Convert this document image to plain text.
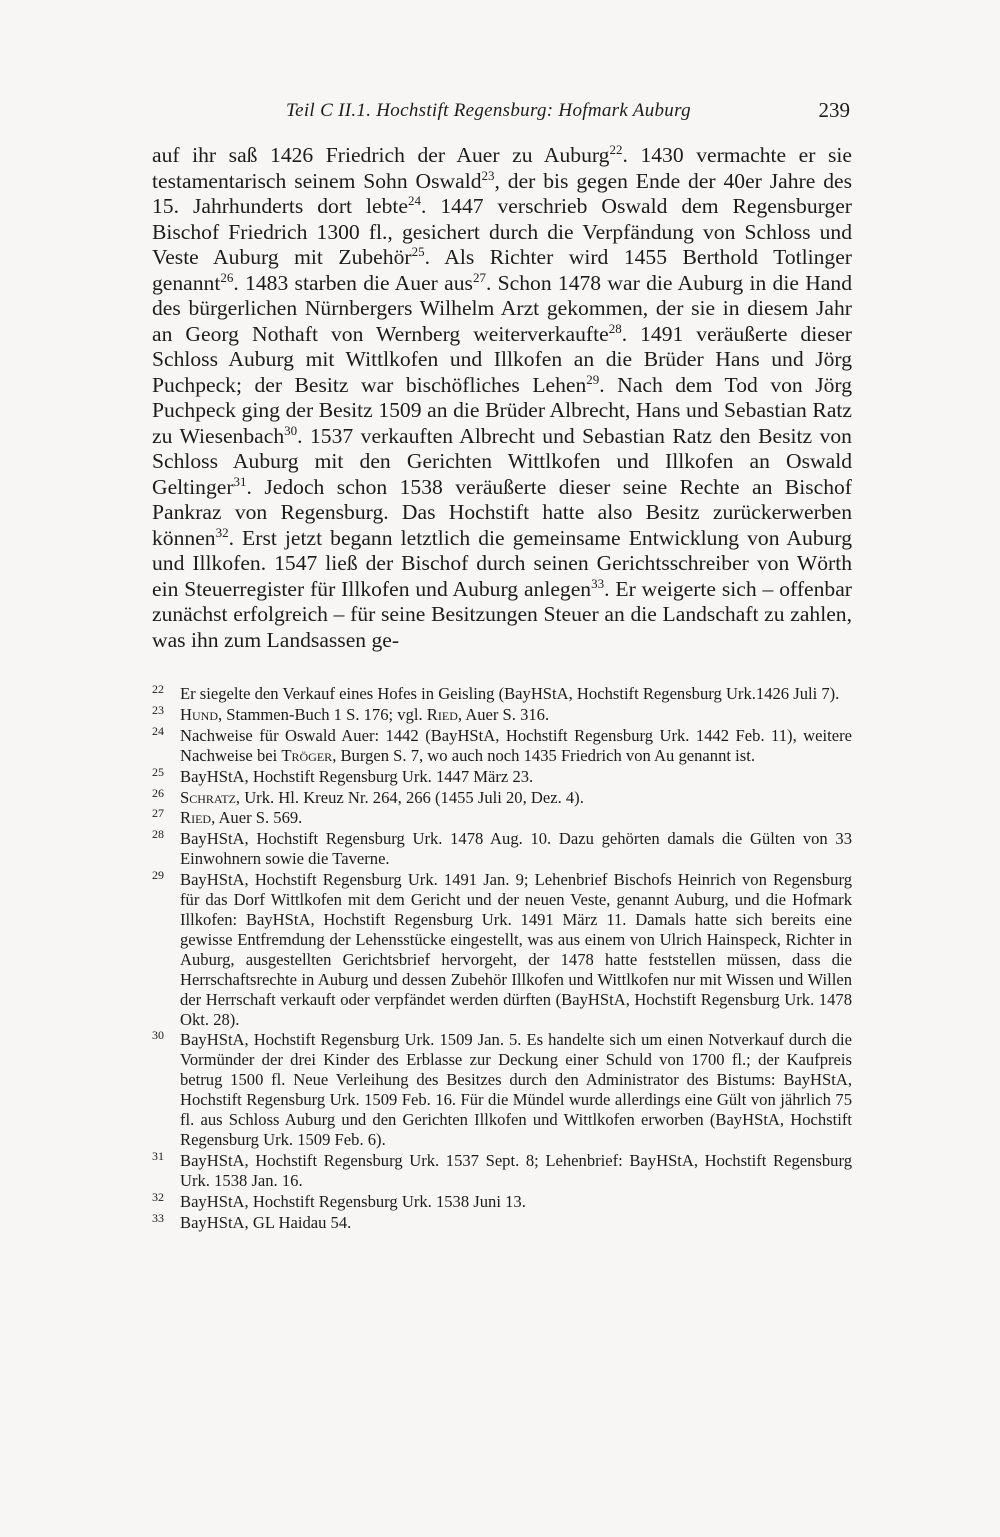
Teil C II.1. Hochstift Regensburg: Hofmark Auburg	239

auf ihr saß 1426 Friedrich der Auer zu Auburg$^{22}$. 1430 vermachte er sie testamentarisch seinem Sohn Oswald$^{23}$, der bis gegen Ende der 40er Jahre des 15. Jahrhunderts dort lebte$^{24}$. 1447 verschrieb Oswald dem Regensburger Bischof Friedrich 1300 fl., gesichert durch die Verpfändung von Schloss und Veste Auburg mit Zubehör$^{25}$. Als Richter wird 1455 Berthold Totlinger genannt$^{26}$. 1483 starben die Auer aus$^{27}$. Schon 1478 war die Auburg in die Hand des bürgerlichen Nürnbergers Wilhelm Arzt gekommen, der sie in diesem Jahr an Georg Nothaft von Wernberg weiterverkaufte$^{28}$. 1491 veräußerte dieser Schloss Auburg mit Wittlkofen und Illkofen an die Brüder Hans und Jörg Puchpeck; der Besitz war bischöfliches Lehen$^{29}$. Nach dem Tod von Jörg Puchpeck ging der Besitz 1509 an die Brüder Albrecht, Hans und Sebastian Ratz zu Wiesenbach$^{30}$. 1537 verkauften Albrecht und Sebastian Ratz den Besitz von Schloss Auburg mit den Gerichten Wittlkofen und Illkofen an Oswald Geltinger$^{31}$. Jedoch schon 1538 veräußerte dieser seine Rechte an Bischof Pankraz von Regensburg. Das Hochstift hatte also Besitz zurückerwerben können$^{32}$. Erst jetzt begann letztlich die gemeinsame Entwicklung von Auburg und Illkofen. 1547 ließ der Bischof durch seinen Gerichtsschreiber von Wörth ein Steuerregister für Illkofen und Auburg anlegen$^{33}$. Er weigerte sich – offenbar zunächst erfolgreich – für seine Besitzungen Steuer an die Landschaft zu zahlen, was ihn zum Landsassen ge-

22 Er siegelte den Verkauf eines Hofes in Geisling (BayHStA, Hochstift Regensburg Urk.1426 Juli 7).

23 Hund, Stammen-Buch 1 S. 176; vgl. Ried, Auer S. 316.

24 Nachweise für Oswald Auer: 1442 (BayHStA, Hochstift Regensburg Urk. 1442 Feb. 11), weitere Nachweise bei Tröger, Burgen S. 7, wo auch noch 1435 Friedrich von Au genannt ist.

25 BayHStA, Hochstift Regensburg Urk. 1447 März 23.

26 Schratz, Urk. Hl. Kreuz Nr. 264, 266 (1455 Juli 20, Dez. 4).

27 Ried, Auer S. 569.

28 BayHStA, Hochstift Regensburg Urk. 1478 Aug. 10. Dazu gehörten damals die Gülten von 33 Einwohnern sowie die Taverne.

29 BayHStA, Hochstift Regensburg Urk. 1491 Jan. 9; Lehenbrief Bischofs Heinrich von Regensburg für das Dorf Wittlkofen mit dem Gericht und der neuen Veste, genannt Auburg, und die Hofmark Illkofen: BayHStA, Hochstift Regensburg Urk. 1491 März 11. Damals hatte sich bereits eine gewisse Entfremdung der Lehensstücke eingestellt, was aus einem von Ulrich Hainspeck, Richter in Auburg, ausgestellten Gerichtsbrief hervorgeht, der 1478 hatte feststellen müssen, dass die Herrschaftsrechte in Auburg und dessen Zubehör Illkofen und Wittlkofen nur mit Wissen und Willen der Herrschaft verkauft oder verpfändet werden dürften (BayHStA, Hochstift Regensburg Urk. 1478 Okt. 28).

30 BayHStA, Hochstift Regensburg Urk. 1509 Jan. 5. Es handelte sich um einen Notverkauf durch die Vormünder der drei Kinder des Erblasse zur Deckung einer Schuld von 1700 fl.; der Kaufpreis betrug 1500 fl. Neue Verleihung des Besitzes durch den Administrator des Bistums: BayHStA, Hochstift Regensburg Urk. 1509 Feb. 16. Für die Mündel wurde allerdings eine Gült von jährlich 75 fl. aus Schloss Auburg und den Gerichten Illkofen und Wittlkofen erworben (BayHStA, Hochstift Regensburg Urk. 1509 Feb. 6).

31 BayHStA, Hochstift Regensburg Urk. 1537 Sept. 8; Lehenbrief: BayHStA, Hochstift Regensburg Urk. 1538 Jan. 16.

32 BayHStA, Hochstift Regensburg Urk. 1538 Juni 13.

33 BayHStA, GL Haidau 54.
